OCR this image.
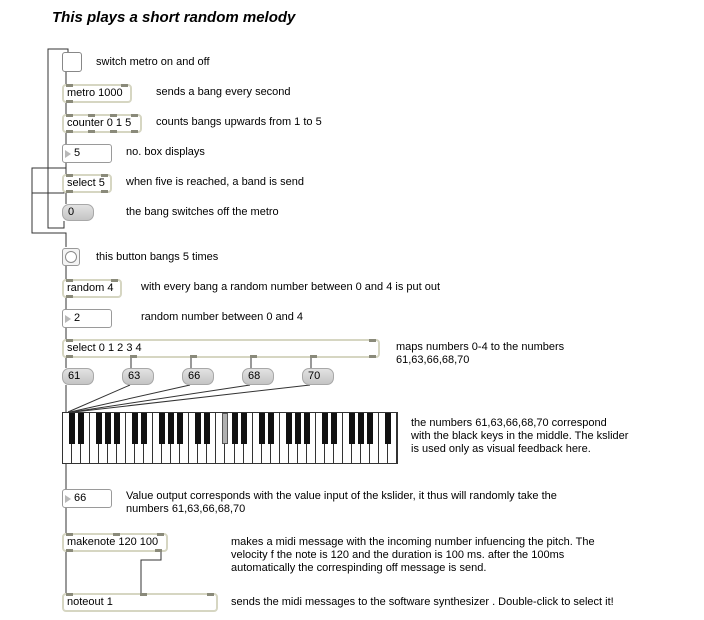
This plays a short random melody
switch metro on and off
metro 1000	sends a bang every second
counter 0 1 5	counts bangs upwards from 1 to 5
5	no. box displays
select 5	when five is reached, a band is send
0	the bang switches off the metro
this button bangs 5 times
random 4	with every bang a random number between 0 and 4 is put out
2	random number between 0 and 4
select 0 1 2 3 4	maps numbers 0-4 to the numbers
61,63,66,68,70
61	63	66	68	70
the numbers 61,63,66,68,70 correspond
with the black keys in the middle. The kslider
is used only as visual feedback here.
66	Value output corresponds with the value input of the kslider, it thus will randomly take the
numbers 61,63,66,68,70
makenote 120 100	makes a midi message with the incoming number infuencing the pitch. The
velocity f the note is 120 and the duration is 100 ms. after the 100ms
automatically the correspinding off message is send.
noteout 1	sends the midi messages to the software synthesizer . Double-click to select it!
